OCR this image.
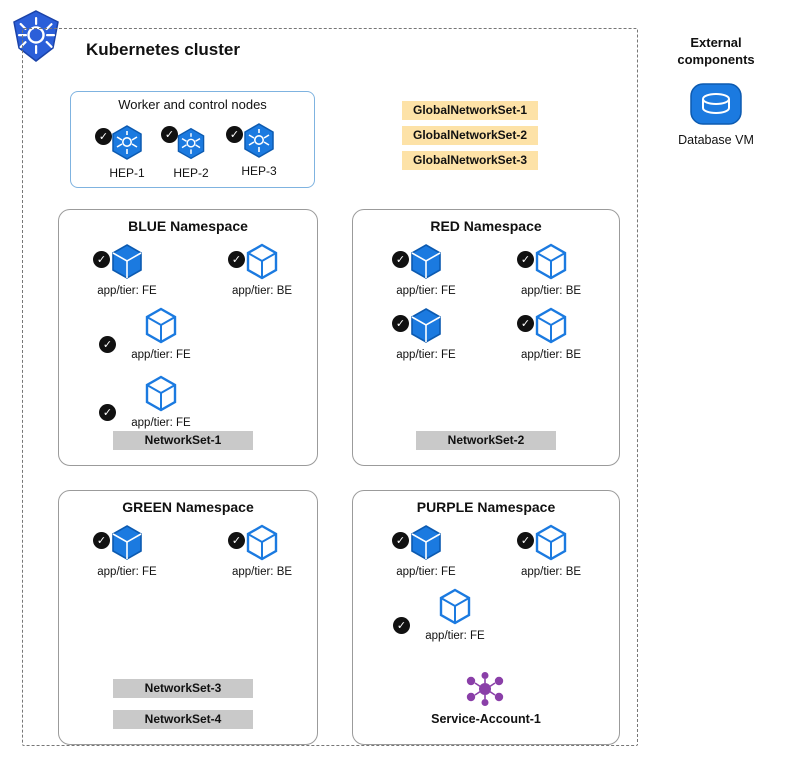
Kubernetes cluster
Worker and control nodes
✓
HEP-1
✓
HEP-2
✓
HEP-3
GlobalNetworkSet-1
GlobalNetworkSet-2
GlobalNetworkSet-3
BLUE Namespace
✓
app/tier: FE
✓
app/tier: BE
✓
app/tier: FE
✓
app/tier: FE
NetworkSet-1
RED Namespace
✓
app/tier: FE
✓
app/tier: BE
✓
app/tier: FE
✓
app/tier: BE
NetworkSet-2
GREEN Namespace
✓
app/tier: FE
✓
app/tier: BE
NetworkSet-3
NetworkSet-4
PURPLE Namespace
✓
app/tier: FE
✓
app/tier: BE
✓
app/tier: FE
Service-Account-1
External
components
Database VM
